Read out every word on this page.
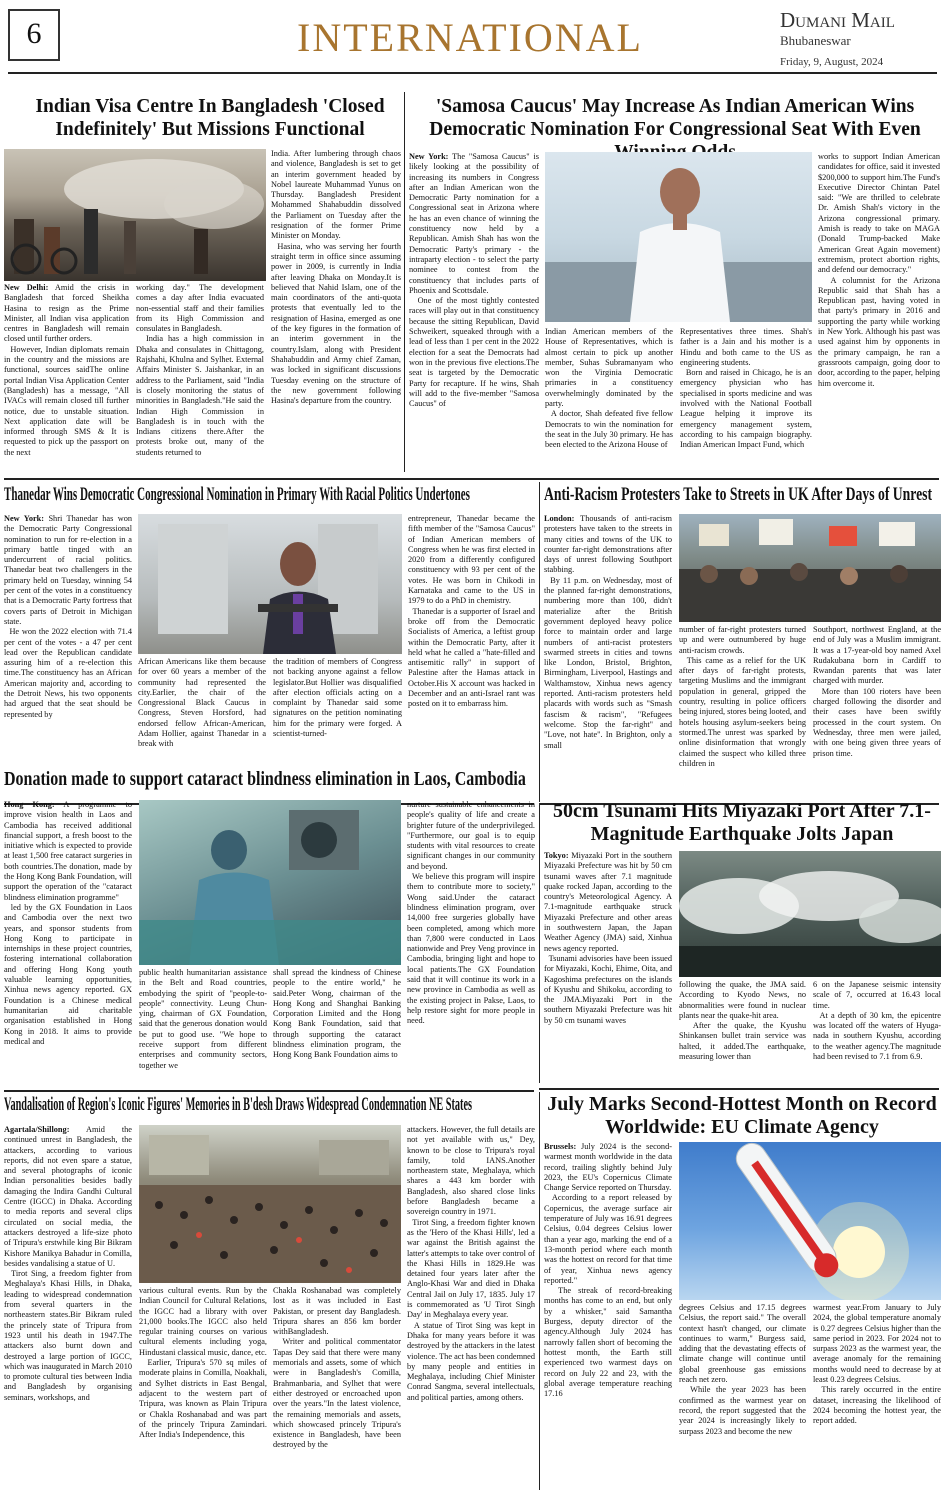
6	INTERNATIONAL	Dumani Mail
Bhubaneswar
Friday, 9, August, 2024
Indian Visa Centre In Bangladesh 'Closed Indefinitely' But Missions Functional
New Delhi: Amid the crisis in Bangladesh that forced Sheikha Hasina to resign as the Prime Minister, all Indian visa application centres in Bangladesh will remain closed until further orders.
However, Indian diplomats remain in the country and the missions are functional, sources saidThe online portal Indian Visa Application Center (Bangladesh) has a message, "All IVACs will remain closed till further notice, due to unstable situation. Next application date will be informed through SMS & It is requested to pick up the passport on the next
working day." The development comes a day after India evacuated non-essential staff and their families from its High Commission and consulates in Bangladesh.
India has a high commission in Dhaka and consulates in Chittagong, Rajshahi, Khulna and Sylhet. External Affairs Minister S. Jaishankar, in an address to the Parliament, said "India is closely monitoring the status of minorities in Bangladesh."He said the Indian High Commission in Bangladesh is in touch with the Indians citizens there.After the protests broke out, many of the students returned to
India. After lumbering through chaos and violence, Bangladesh is set to get an interim government headed by Nobel laureate Muhammad Yunus on Thursday. Bangladesh President Mohammed Shahabuddin dissolved the Parliament on Tuesday after the resignation of the former Prime Minister on Monday.
Hasina, who was serving her fourth straight term in office since assuming power in 2009, is currently in India after leaving Dhaka on Monday.It is believed that Nahid Islam, one of the main coordinators of the anti-quota protests that eventually led to the resignation of Hasina, emerged as one of the key figures in the formation of an interim government in the country.Islam, along with President Shahabuddin and Army chief Zaman, was locked in significant discussions Tuesday evening on the structure of the new government following Hasina's departure from the country.
'Samosa Caucus' May Increase As Indian American Wins Democratic Nomination For Congressional Seat With Even
New York: The "Samosa Caucus" is likely looking at the possibility of increasing its numbers in Congress after an Indian American won the Democratic Party nomination for a Congressional seat in Arizona where he has an even chance of winning the constituency now held by a Republican. Amish Shah has won the Democratic Party's primary - the intraparty election - to select the party nominee to contest from the constituency that includes parts of Phoenix and Scottsdale.
One of the most tightly contested races will play out in that constituency because the sitting Republican, David Schweikert, squeaked through with a lead of less than 1 per cent in the 2022 election for a seat the Democrats had won in the previous five elections.The seat is targeted by the Democratic Party for recapture. If he wins, Shah will add to the five-member "Samosa Caucus" of
Indian American members of the House of Representatives, which is almost certain to pick up another member, Suhas Subramanyam who won the Virginia Democratic primaries in a constituency overwhelmingly dominated by the party.
A doctor, Shah defeated five fellow Democrats to win the nomination for the seat in the July 30 primary. He has been elected to the Arizona House of
Representatives three times. Shah's father is a Jain and his mother is a Hindu and both came to the US as engineering students.
Born and raised in Chicago, he is an emergency physician who has specialised in sports medicine and was involved with the National Football League helping it improve its emergency management system, according to his campaign biography. Indian American Impact Fund, which
works to support Indian American candidates for office, said it invested $200,000 to support him.The Fund's Executive Director Chintan Patel said: "We are thrilled to celebrate Dr. Amish Shah's victory in the Arizona congressional primary. Amish is ready to take on MAGA (Donald Trump-backed Make American Great Again movement) extremism, protect abortion rights, and defend our democracy."
A columnist for the Arizona Republic said that Shah has a Republican past, having voted in that party's primary in 2016 and supporting the party while working in New York. Although his past was used against him by opponents in the primary campaign, he ran a grassroots campaign, going door to door, according to the paper, helping him overcome it.
Thanedar Wins Democratic Congressional Nomination in Primary With Racial Politics Undertones
New York: Shri Thanedar has won the Democratic Party Congressional nomination to run for re-election in a primary battle tinged with an undercurrent of racial politics. Thanedar beat two challengers in the primary held on Tuesday, winning 54 per cent of the votes in a constituency that is a Democratic Party fortress that covers parts of Detroit in Michigan state.
He won the 2022 election with 71.4 per cent of the votes - a 47 per cent lead over the Republican candidate assuring him of a re-election this time.The constituency has an African American majority and, according to the Detroit News, his two opponents had argued that the seat should be represented by
African Americans like them because for over 60 years a member of the community had represented the city.Earlier, the chair of the Congressional Black Caucus in Congress, Steven Horsford, had endorsed fellow African-American, Adam Hollier, against Thanedar in a break with
the tradition of members of Congress not backing anyone against a fellow legislator.But Hollier was disqualified after election officials acting on a complaint by Thanedar said some signatures on the petition nominating him for the primary were forged. A scientist-turned-
entrepreneur, Thanedar became the fifth member of the "Samosa Caucus" of Indian American members of Congress when he was first elected in 2020 from a differently configured constituency with 93 per cent of the votes. He was born in Chikodi in Karnataka and came to the US in 1979 to do a PhD in chemistry.
Thanedar is a supporter of Israel and broke off from the Democratic Socialists of America, a leftist group within the Democratic Party, after it held what he called a "hate-filled and antisemitic rally" in support of Palestine after the Hamas attack in October.His X account was hacked in December and an anti-Israel rant was posted on it to embarrass him.
Anti-Racism Protesters Take to Streets in UK After Days of Unrest
London: Thousands of anti-racism protesters have taken to the streets in many cities and towns of the UK to counter far-right demonstrations after days of unrest following Southport stabbing.
By 11 p.m. on Wednesday, most of the planned far-right demonstrations, numbering more than 100, didn't materialize after the British government deployed heavy police force to maintain order and large numbers of anti-racist protesters swarmed streets in cities and towns like London, Bristol, Brighton, Birmingham, Liverpool, Hastings and Walthamstow, Xinhua news agency reported. Anti-racism protesters held placards with words such as "Smash fascism & racism", "Refugees welcome. Stop the far-right" and "Love, not hate". In Brighton, only a small
number of far-right protesters turned up and were outnumbered by huge anti-racism crowds.
This came as a relief for the UK after days of far-right protests, targeting Muslims and the immigrant population in general, gripped the country, resulting in police officers being injured, stores being looted, and hotels housing asylum-seekers being stormed.The unrest was sparked by online disinformation that wrongly claimed the suspect who killed three children in
Southport, northwest England, at the end of July was a Muslim immigrant. It was a 17-year-old boy named Axel Rudakubana born in Cardiff to Rwandan parents that was later charged with murder.
More than 100 rioters have been charged following the disorder and their cases have been swiftly processed in the court system. On Wednesday, three men were jailed, with one being given three years of prison time.
Donation made to support cataract blindness elimination in Laos, Cambodia
Hong Kong: A programme to improve vision health in Laos and Cambodia has received additional financial support, a fresh boost to the initiative which is expected to provide at least 1,500 free cataract surgeries in both countries.The donation, made by the Hong Kong Bank Foundation, will support the operation of the "cataract blindness elimination programme"
led by the GX Foundation in Laos and Cambodia over the next two years, and sponsor students from Hong Kong to participate in internships in these project countries, fostering international collaboration and offering Hong Kong youth valuable learning opportunities, Xinhua news agency reported. GX Foundation is a Chinese medical humanitarian aid charitable organisation established in Hong Kong in 2018. It aims to provide medical and
public health humanitarian assistance in the Belt and Road countries, embodying the spirit of "people-to-people" connectivity. Leung Chun-ying, chairman of GX Foundation, said that the generous donation would be put to good use. "We hope to receive support from different enterprises and community sectors, together we
shall spread the kindness of Chinese people to the entire world," he said.Peter Wong, chairman of the Hong Kong and Shanghai Banking Corporation Limited and the Hong Kong Bank Foundation, said that through supporting the cataract blindness elimination program, the Hong Kong Bank Foundation aims to
nurture sustainable enhancements in people's quality of life and create a brighter future of the underprivileged. "Furthermore, our goal is to equip students with vital resources to create significant changes in our community and beyond.
We believe this program will inspire them to contribute more to society," Wong said.Under the cataract blindness elimination program, over 14,000 free surgeries globally have been completed, among which more than 7,800 were conducted in Laos nationwide and Prey Veng province in Cambodia, bringing light and hope to local patients.The GX Foundation said that it will continue its work in a new province in Cambodia as well as the existing project in Pakse, Laos, to help restore sight for more people in need.
50cm Tsunami Hits Miyazaki Port After 7.1-Magnitude Earthquake Jolts Japan
Tokyo: Miyazaki Port in the southern Miyazaki Prefecture was hit by 50 cm tsunami waves after 7.1 magnitude quake rocked Japan, according to the country's Meteorological Agency. A 7.1-magnitude earthquake struck Miyazaki Prefecture and other areas in southwestern Japan, the Japan Weather Agency (JMA) said, Xinhua news agency reported.
Tsunami advisories have been issued for Miyazaki, Kochi, Ehime, Oita, and Kagoshima prefectures on the islands of Kyushu and Shikoku, according to the JMA.Miyazaki Port in the southern Miyazaki Prefecture was hit by 50 cm tsunami waves
following the quake, the JMA said. According to Kyodo News, no abnormalities were found in nuclear plants near the quake-hit area.
After the quake, the Kyushu Shinkansen bullet train service was halted, it added.The earthquake, measuring lower than
6 on the Japanese seismic intensity scale of 7, occurred at 16.43 local time.
At a depth of 30 km, the epicentre was located off the waters of Hyuga-nada in southern Kyushu, according to the weather agency.The magnitude had been revised to 7.1 from 6.9.
Vandalisation of Region's Iconic Figures' Memories in B'desh Draws Widespread Condemnation NE States
Agartala/Shillong: Amid the continued unrest in Bangladesh, the attackers, according to various reports, did not even spare a statue, and several photographs of iconic Indian personalities besides badly damaging the Indira Gandhi Cultural Centre (IGCC) in Dhaka. According to media reports and several clips circulated on social media, the attackers destroyed a life-size photo of Tripura's erstwhile king Bir Bikram Kishore Manikya Bahadur in Comilla, besides vandalising a statue of U.
Tirot Sing, a freedom fighter from Meghalaya's Khasi Hills, in Dhaka, leading to widespread condemnation from several quarters in the northeastern states.Bir Bikram ruled the princely state of Tripura from 1923 until his death in 1947.The attackers also burnt down and destroyed a large portion of IGCC, which was inaugurated in March 2010 to promote cultural ties between India and Bangladesh by organising seminars, workshops, and
various cultural events. Run by the Indian Council for Cultural Relations, the IGCC had a library with over 21,000 books.The IGCC also held regular training courses on various cultural elements including yoga, Hindustani classical music, dance, etc.
Earlier, Tripura's 570 sq miles of moderate plains in Comilla, Noakhali, and Sylhet districts in East Bengal, adjacent to the western part of Tripura, was known as Plain Tripura or Chakla Roshanabad and was part of the princely Tripura Zamindari. After India's Independence, this
Chakla Roshanabad was completely lost as it was included in East Pakistan, or present day Bangladesh. Tripura shares an 856 km border withBangladesh.
Writer and political commentator Tapas Dey said that there were many memorials and assets, some of which were in Bangladesh's Comilla, Brahmanbaria, and Sylhet that were either destroyed or encroached upon over the years."In the latest violence, the remaining memorials and assets, which showcased princely Tripura's existence in Bangladesh, have been destroyed by the
attackers. However, the full details are not yet available with us," Dey, known to be close to Tripura's royal family, told IANS.Another northeastern state, Meghalaya, which shares a 443 km border with Bangladesh, also shared close links before Bangladesh became a sovereign country in 1971.
Tirot Sing, a freedom fighter known as the 'Hero of the Khasi Hills', led a war against the British against the latter's attempts to take over control of the Khasi Hills in 1829.He was detained four years later after the Anglo-Khasi War and died in Dhaka Central Jail on July 17, 1835. July 17 is commemorated as 'U Tirot Singh Day' in Meghalaya every year.
A statue of Tirot Sing was kept in Dhaka for many years before it was destroyed by the attackers in the latest violence. The act has been condemned by many people and entities in Meghalaya, including Chief Minister Conrad Sangma, several intellectuals, and political parties, among others.
July Marks Second-Hottest Month on Record Worldwide: EU Climate Agency
Brussels: July 2024 is the second-warmest month worldwide in the data record, trailing slightly behind July 2023, the EU's Copernicus Climate Change Service reported on Thursday.
According to a report released by Copernicus, the average surface air temperature of July was 16.91 degrees Celsius, 0.04 degrees Celsius lower than a year ago, marking the end of a 13-month period where each month was the hottest on record for that time of year, Xinhua news agency reported."
The streak of record-breaking months has come to an end, but only by a whisker," said Samantha Burgess, deputy director of the agency.Although July 2024 has narrowly fallen short of becoming the hottest month, the Earth still experienced two warmest days on record on July 22 and 23, with the global average temperature reaching 17.16
degrees Celsius and 17.15 degrees Celsius, the report said." The overall context hasn't changed, our climate continues to warm," Burgess said, adding that the devastating effects of climate change will continue until global greenhouse gas emissions reach net zero.
While the year 2023 has been confirmed as the warmest year on record, the report suggested that the year 2024 is increasingly likely to surpass 2023 and become the new
warmest year.From January to July 2024, the global temperature anomaly is 0.27 degrees Celsius higher than the same period in 2023. For 2024 not to surpass 2023 as the warmest year, the average anomaly for the remaining months would need to decrease by at least 0.23 degrees Celsius.
This rarely occurred in the entire dataset, increasing the likelihood of 2024 becoming the hottest year, the report added.
